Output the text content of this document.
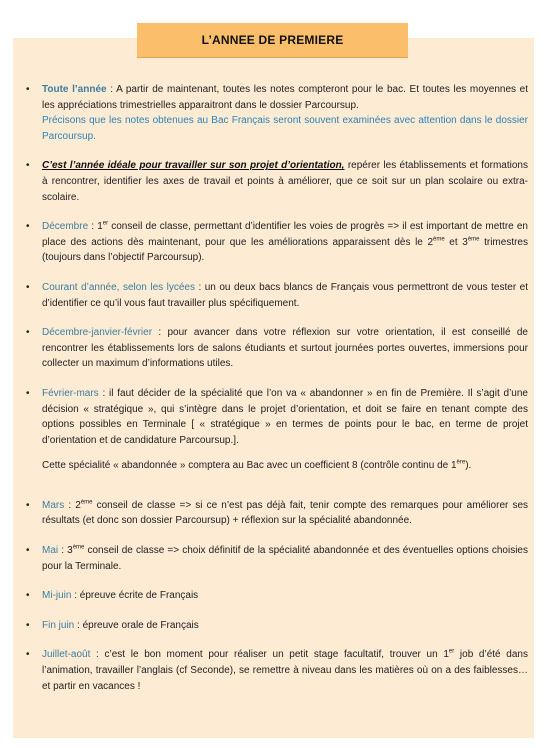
L’ANNEE DE PREMIERE
• Toute l’année : A partir de maintenant, toutes les notes compteront pour le bac. Et toutes les moyennes et les appréciations trimestrielles apparaitront dans le dossier Parcoursup.
Précisons que les notes obtenues au Bac Français seront souvent examinées avec attention dans le dossier Parcoursup.
• C’est l’année idéale pour travailler sur son projet d’orientation, repérer les établissements et formations à rencontrer, identifier les axes de travail et points à améliorer, que ce soit sur un plan scolaire ou extra-scolaire.
• Décembre : 1er conseil de classe, permettant d’identifier les voies de progrès => il est important de mettre en place des actions dès maintenant, pour que les améliorations apparaissent dès le 2ème et 3ème trimestres (toujours dans l’objectif Parcoursup).
• Courant d’année, selon les lycées : un ou deux bacs blancs de Français vous permettront de vous tester et d’identifier ce qu’il vous faut travailler plus spécifiquement.
• Décembre-janvier-février : pour avancer dans votre réflexion sur votre orientation, il est conseillé de rencontrer les établissements lors de salons étudiants et surtout journées portes ouvertes, immersions pour collecter un maximum d’informations utiles.
• Février-mars : il faut décider de la spécialité que l’on va « abandonner » en fin de Première. Il s’agit d’une décision « stratégique », qui s’intègre dans le projet d’orientation, et doit se faire en tenant compte des options possibles en Terminale [ « stratégique » en termes de points pour le bac, en terme de projet d’orientation et de candidature Parcoursup.].
Cette spécialité « abandonnée » comptera au Bac avec un coefficient 8 (contrôle continu de 1ère).
• Mars : 2ème conseil de classe => si ce n’est pas déjà fait, tenir compte des remarques pour améliorer ses résultats (et donc son dossier Parcoursup) + réflexion sur la spécialité abandonnée.
• Mai : 3ème conseil de classe => choix définitif de la spécialité abandonnée et des éventuelles options choisies pour la Terminale.
• Mi-juin : épreuve écrite de Français
• Fin juin : épreuve orale de Français
• Juillet-août : c’est le bon moment pour réaliser un petit stage facultatif, trouver un 1er job d’été dans l’animation, travailler l’anglais (cf Seconde), se remettre à niveau dans les matières où on a des faiblesses… et partir en vacances !
